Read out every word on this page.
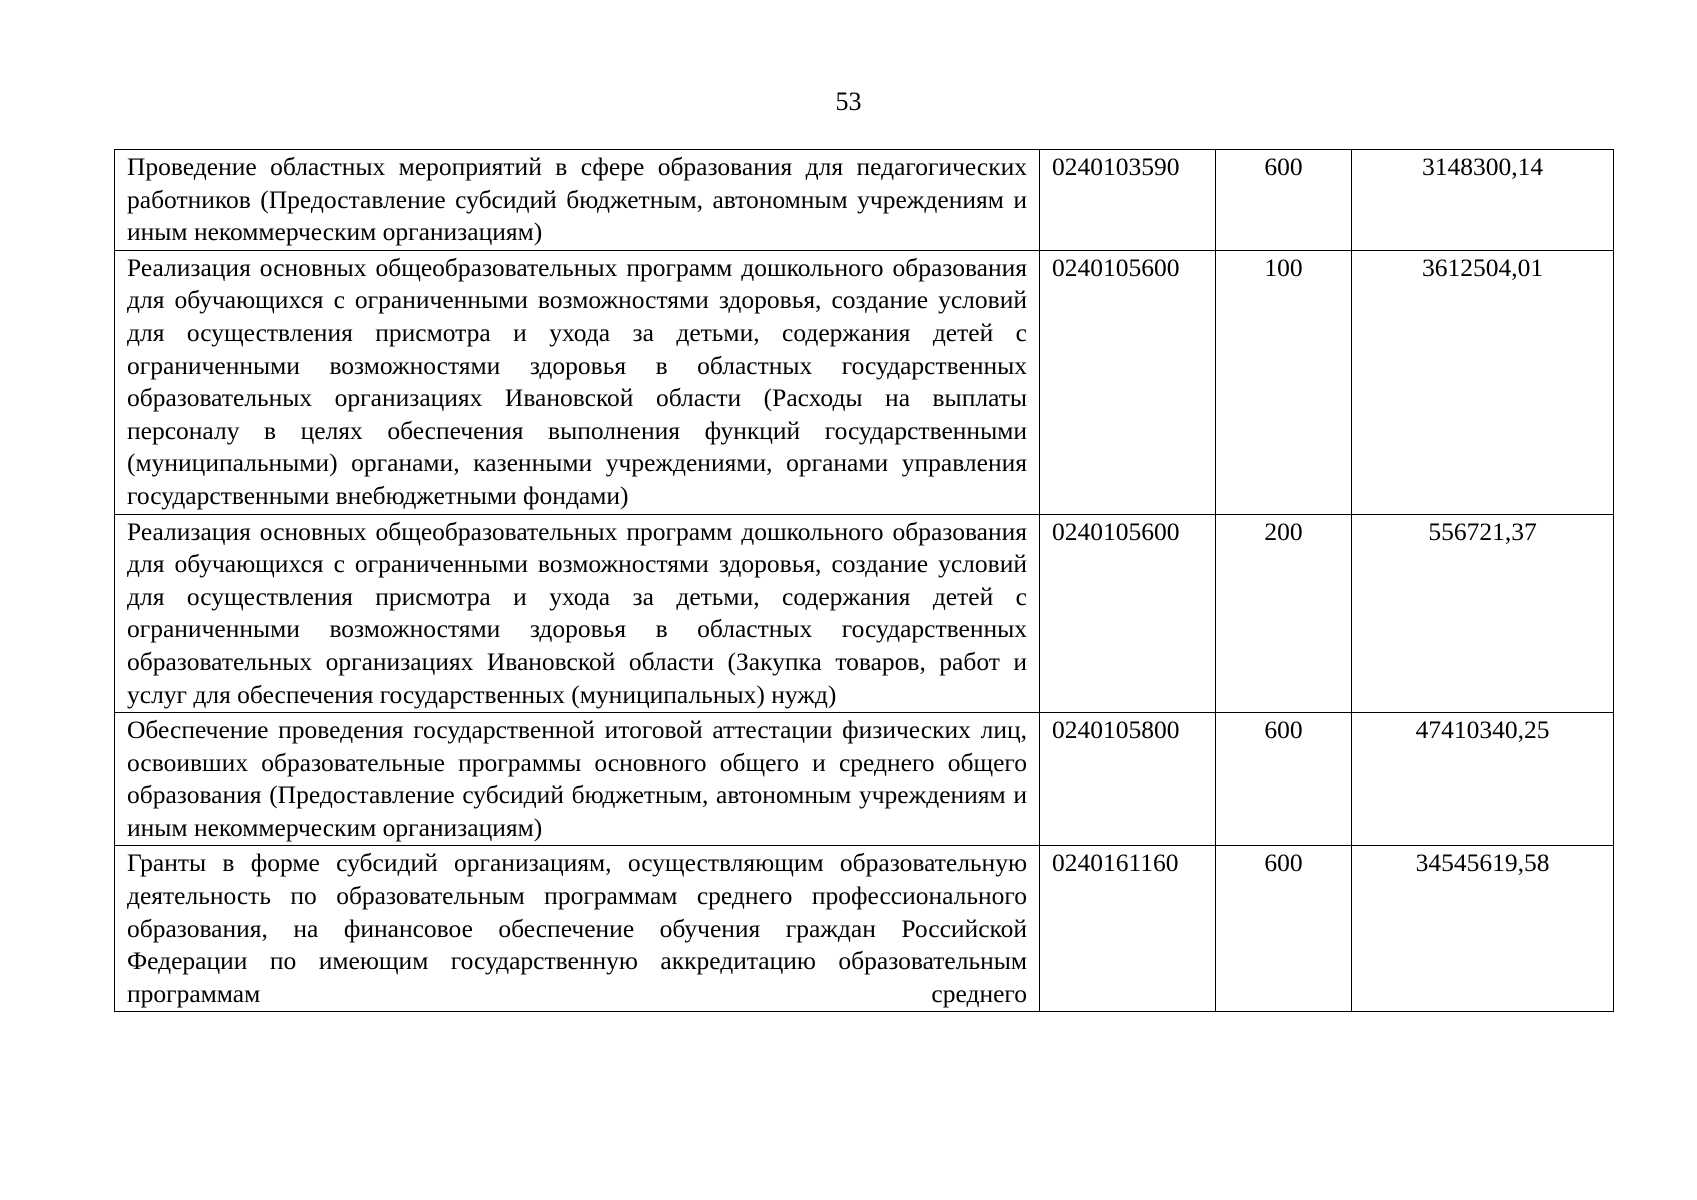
53
Проведение областных мероприятий в сфере образования для педагогических работников (Предоставление субсидий бюджетным, автономным учреждениям и иным некоммерческим организациям)	0240103590	600	3148300,14
Реализация основных общеобразовательных программ дошкольного образования для обучающихся с ограниченными возможностями здоровья, создание условий для осуществления присмотра и ухода за детьми, содержания детей с ограниченными возможностями здоровья в областных государственных образовательных организациях Ивановской области (Расходы на выплаты персоналу в целях обеспечения выполнения функций государственными (муниципальными) органами, казенными учреждениями, органами управления государственными внебюджетными фондами)	0240105600	100	3612504,01
Реализация основных общеобразовательных программ дошкольного образования для обучающихся с ограниченными возможностями здоровья, создание условий для осуществления присмотра и ухода за детьми, содержания детей с ограниченными возможностями здоровья в областных государственных образовательных организациях Ивановской области (Закупка товаров, работ и услуг для обеспечения государственных (муниципальных) нужд)	0240105600	200	556721,37
Обеспечение проведения государственной итоговой аттестации физических лиц, освоивших образовательные программы основного общего и среднего общего образования (Предоставление субсидий бюджетным, автономным учреждениям и иным некоммерческим организациям)	0240105800	600	47410340,25
Гранты в форме субсидий организациям, осуществляющим образовательную деятельность по образовательным программам среднего профессионального образования, на финансовое обеспечение обучения граждан Российской Федерации по имеющим государственную аккредитацию образовательным программам среднего	0240161160	600	34545619,58
